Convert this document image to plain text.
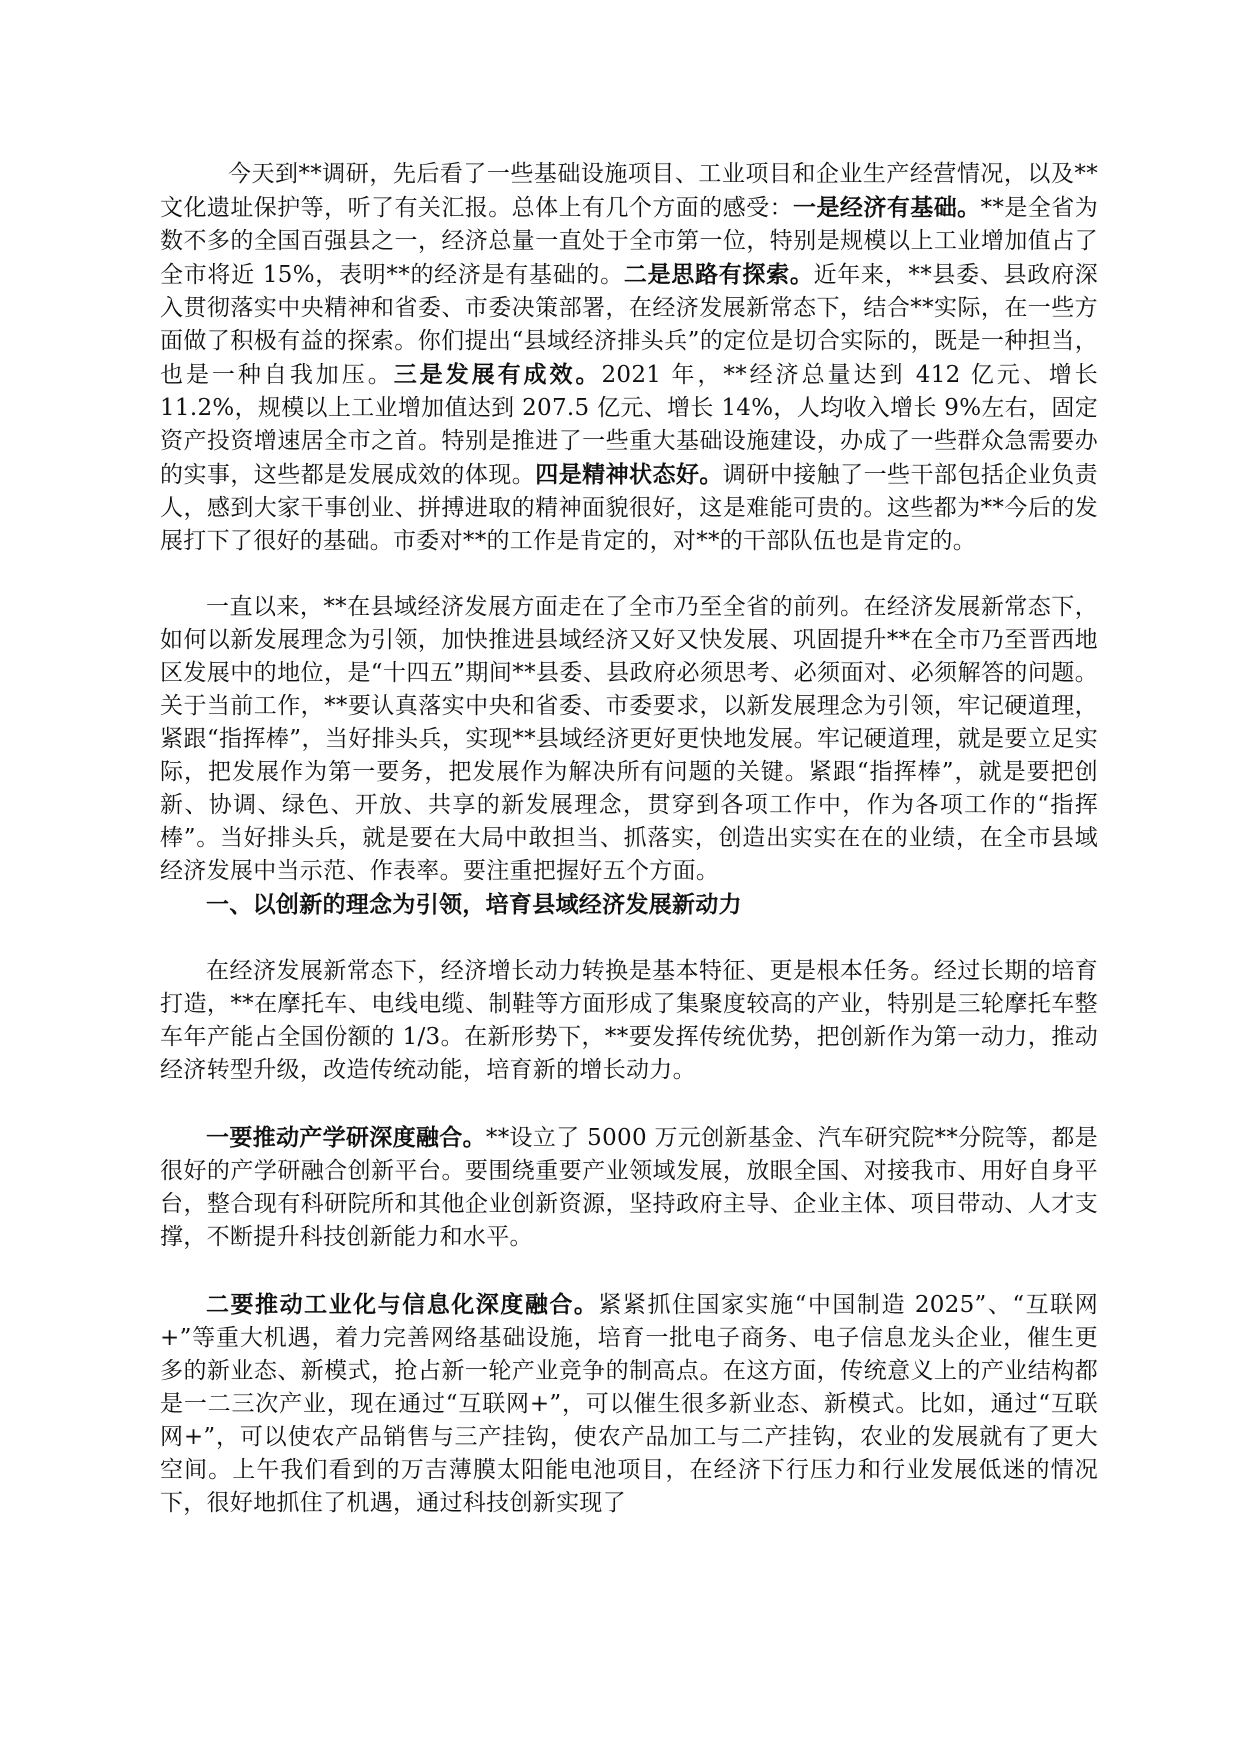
今天到**调研，先后看了一些基础设施项目、工业项目和企业生产经营情况，以及**文化遗址保护等，听了有关汇报。总体上有几个方面的感受：一是经济有基础。**是全省为数不多的全国百强县之一，经济总量一直处于全市第一位，特别是规模以上工业增加值占了全市将近 15%，表明**的经济是有基础的。二是思路有探索。近年来，**县委、县政府深入贯彻落实中央精神和省委、市委决策部署，在经济发展新常态下，结合**实际，在一些方面做了积极有益的探索。你们提出“县域经济排头兵”的定位是切合实际的，既是一种担当，也是一种自我加压。三是发展有成效。2021 年，**经济总量达到 412 亿元、增长 11.2%，规模以上工业增加值达到 207.5 亿元、增长 14%，人均收入增长 9%左右，固定资产投资增速居全市之首。特别是推进了一些重大基础设施建设，办成了一些群众急需要办的实事，这些都是发展成效的体现。四是精神状态好。调研中接触了一些干部包括企业负责人，感到大家干事创业、拼搏进取的精神面貌很好，这是难能可贵的。这些都为**今后的发展打下了很好的基础。市委对**的工作是肯定的，对**的干部队伍也是肯定的。

一直以来，**在县域经济发展方面走在了全市乃至全省的前列。在经济发展新常态下，如何以新发展理念为引领，加快推进县域经济又好又快发展、巩固提升**在全市乃至晋西地区发展中的地位，是“十四五”期间**县委、县政府必须思考、必须面对、必须解答的问题。关于当前工作，**要认真落实中央和省委、市委要求，以新发展理念为引领，牢记硬道理，紧跟“指挥棒”，当好排头兵，实现**县域经济更好更快地发展。牢记硬道理，就是要立足实际，把发展作为第一要务，把发展作为解决所有问题的关键。紧跟“指挥棒”，就是要把创新、协调、绿色、开放、共享的新发展理念，贯穿到各项工作中，作为各项工作的“指挥棒”。当好排头兵，就是要在大局中敢担当、抓落实，创造出实实在在的业绩，在全市县域经济发展中当示范、作表率。要注重把握好五个方面。

一、以创新的理念为引领，培育县域经济发展新动力

在经济发展新常态下，经济增长动力转换是基本特征、更是根本任务。经过长期的培育打造，**在摩托车、电线电缆、制鞋等方面形成了集聚度较高的产业，特别是三轮摩托车整车年产能占全国份额的 1/3。在新形势下，**要发挥传统优势，把创新作为第一动力，推动经济转型升级，改造传统动能，培育新的增长动力。

一要推动产学研深度融合。**设立了 5000 万元创新基金、汽车研究院**分院等，都是很好的产学研融合创新平台。要围绕重要产业领域发展，放眼全国、对接我市、用好自身平台，整合现有科研院所和其他企业创新资源，坚持政府主导、企业主体、项目带动、人才支撑，不断提升科技创新能力和水平。

二要推动工业化与信息化深度融合。紧紧抓住国家实施“中国制造 2025”、“互联网+”等重大机遇，着力完善网络基础设施，培育一批电子商务、电子信息龙头企业，催生更多的新业态、新模式，抢占新一轮产业竞争的制高点。在这方面，传统意义上的产业结构都是一二三次产业，现在通过“互联网+”，可以催生很多新业态、新模式。比如，通过“互联网+”，可以使农产品销售与三产挂钩，使农产品加工与二产挂钩，农业的发展就有了更大空间。上午我们看到的万吉薄膜太阳能电池项目，在经济下行压力和行业发展低迷的情况下，很好地抓住了机遇，通过科技创新实现了
